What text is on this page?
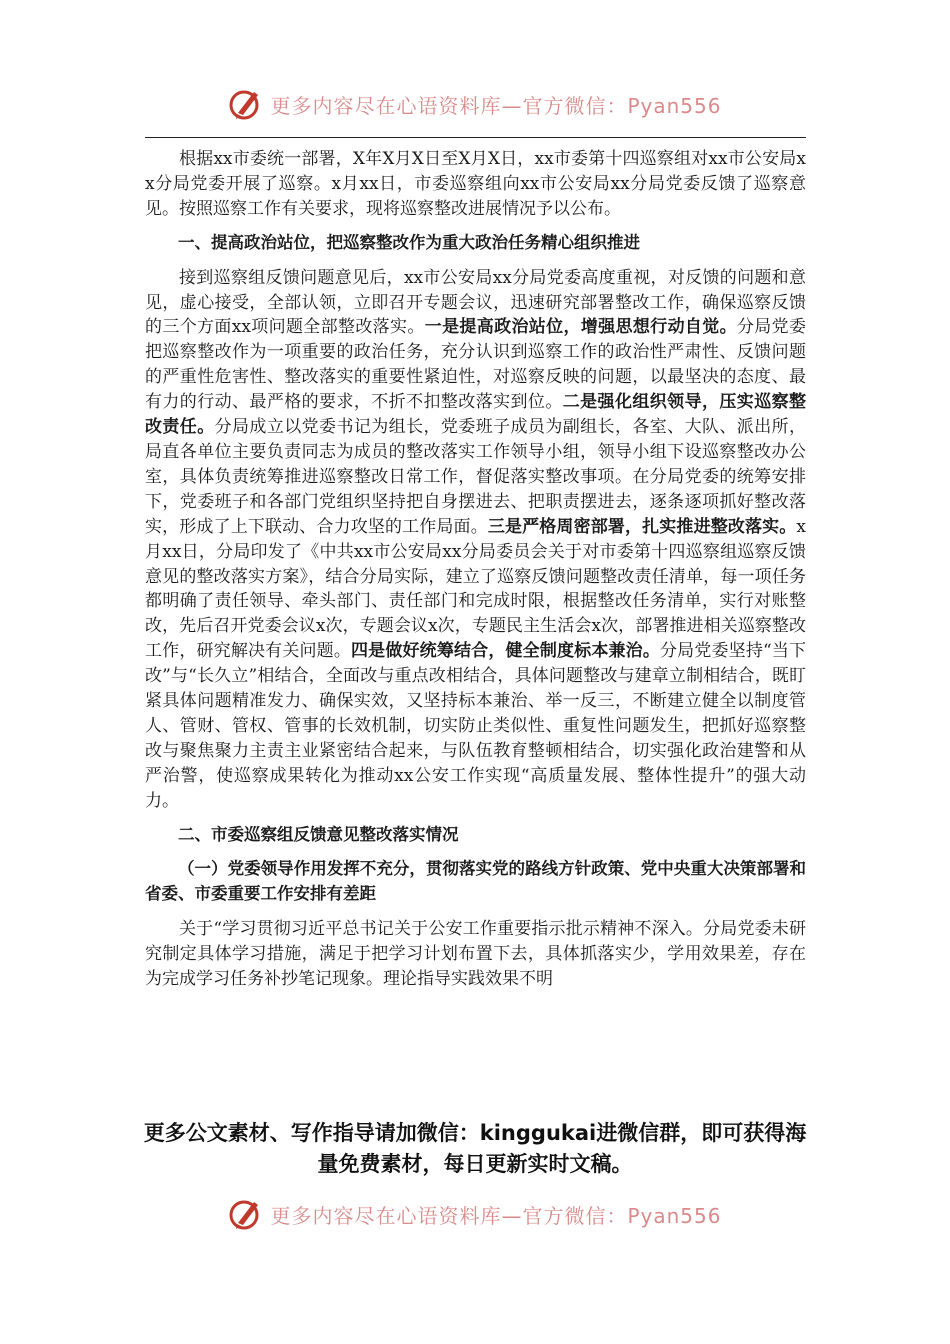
更多内容尽在心语资料库—官方微信：Pyan556

根据xx市委统一部署，X年X月X日至X月X日，xx市委第十四巡察组对xx市公安局xx分局党委开展了巡察。x月xx日，市委巡察组向xx市公安局xx分局党委反馈了巡察意见。按照巡察工作有关要求，现将巡察整改进展情况予以公布。

一、提高政治站位，把巡察整改作为重大政治任务精心组织推进

接到巡察组反馈问题意见后，xx市公安局xx分局党委高度重视，对反馈的问题和意见，虚心接受，全部认领，立即召开专题会议，迅速研究部署整改工作，确保巡察反馈的三个方面xx项问题全部整改落实。一是提高政治站位，增强思想行动自觉。分局党委把巡察整改作为一项重要的政治任务，充分认识到巡察工作的政治性严肃性、反馈问题的严重性危害性、整改落实的重要性紧迫性，对巡察反映的问题，以最坚决的态度、最有力的行动、最严格的要求，不折不扣整改落实到位。二是强化组织领导，压实巡察整改责任。分局成立以党委书记为组长，党委班子成员为副组长，各室、大队、派出所，局直各单位主要负责同志为成员的整改落实工作领导小组，领导小组下设巡察整改办公室，具体负责统筹推进巡察整改日常工作，督促落实整改事项。在分局党委的统筹安排下，党委班子和各部门党组织坚持把自身摆进去、把职责摆进去，逐条逐项抓好整改落实，形成了上下联动、合力攻坚的工作局面。三是严格周密部署，扎实推进整改落实。x月xx日，分局印发了《中共xx市公安局xx分局委员会关于对市委第十四巡察组巡察反馈意见的整改落实方案》，结合分局实际，建立了巡察反馈问题整改责任清单，每一项任务都明确了责任领导、牵头部门、责任部门和完成时限，根据整改任务清单，实行对账整改，先后召开党委会议x次，专题会议x次，专题民主生活会x次，部署推进相关巡察整改工作，研究解决有关问题。四是做好统筹结合，健全制度标本兼治。分局党委坚持“当下改”与“长久立”相结合，全面改与重点改相结合，具体问题整改与建章立制相结合，既盯紧具体问题精准发力、确保实效，又坚持标本兼治、举一反三，不断建立健全以制度管人、管财、管权、管事的长效机制，切实防止类似性、重复性问题发生，把抓好巡察整改与聚焦聚力主责主业紧密结合起来，与队伍教育整顿相结合，切实强化政治建警和从严治警，使巡察成果转化为推动xx公安工作实现“高质量发展、整体性提升”的强大动力。

二、市委巡察组反馈意见整改落实情况

（一）党委领导作用发挥不充分，贯彻落实党的路线方针政策、党中央重大决策部署和省委、市委重要工作安排有差距

关于“学习贯彻习近平总书记关于公安工作重要指示批示精神不深入。分局党委未研究制定具体学习措施，满足于把学习计划布置下去，具体抓落实少，学用效果差，存在为完成学习任务补抄笔记现象。理论指导实践效果不明

更多公文素材、写作指导请加微信：kinggukai进微信群，即可获得海量免费素材，每日更新实时文稿。
更多内容尽在心语资料库—官方微信：Pyan556
